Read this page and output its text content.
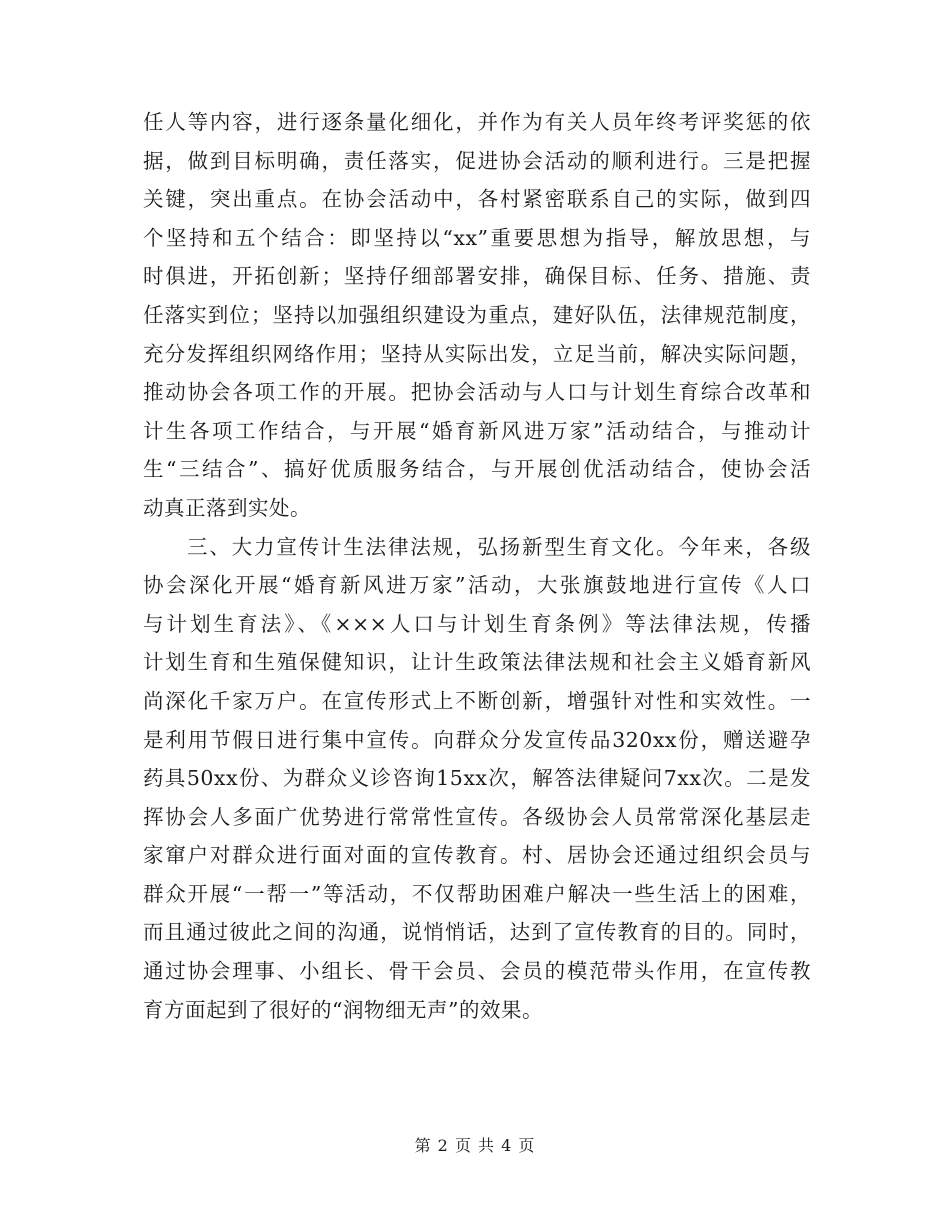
任人等内容，进行逐条量化细化，并作为有关人员年终考评奖惩的依
据，做到目标明确，责任落实，促进协会活动的顺利进行。三是把握
关键，突出重点。在协会活动中，各村紧密联系自己的实际，做到四
个坚持和五个结合：即坚持以“xx”重要思想为指导，解放思想，与
时俱进，开拓创新；坚持仔细部署安排，确保目标、任务、措施、责
任落实到位；坚持以加强组织建设为重点，建好队伍，法律规范制度，
充分发挥组织网络作用；坚持从实际出发，立足当前，解决实际问题，
推动协会各项工作的开展。把协会活动与人口与计划生育综合改革和
计生各项工作结合，与开展“婚育新风进万家”活动结合，与推动计
生“三结合”、搞好优质服务结合，与开展创优活动结合，使协会活
动真正落到实处。
三、大力宣传计生法律法规，弘扬新型生育文化。今年来，各级
协会深化开展“婚育新风进万家”活动，大张旗鼓地进行宣传《人口
与计划生育法》、《×××人口与计划生育条例》等法律法规，传播
计划生育和生殖保健知识，让计生政策法律法规和社会主义婚育新风
尚深化千家万户。在宣传形式上不断创新，增强针对性和实效性。一
是利用节假日进行集中宣传。向群众分发宣传品320xx份，赠送避孕
药具50xx份、为群众义诊咨询15xx次，解答法律疑问7xx次。二是发
挥协会人多面广优势进行常常性宣传。各级协会人员常常深化基层走
家窜户对群众进行面对面的宣传教育。村、居协会还通过组织会员与
群众开展“一帮一”等活动，不仅帮助困难户解决一些生活上的困难，
而且通过彼此之间的沟通，说悄悄话，达到了宣传教育的目的。同时，
通过协会理事、小组长、骨干会员、会员的模范带头作用，在宣传教
育方面起到了很好的“润物细无声”的效果。
第 2 页 共 4 页
